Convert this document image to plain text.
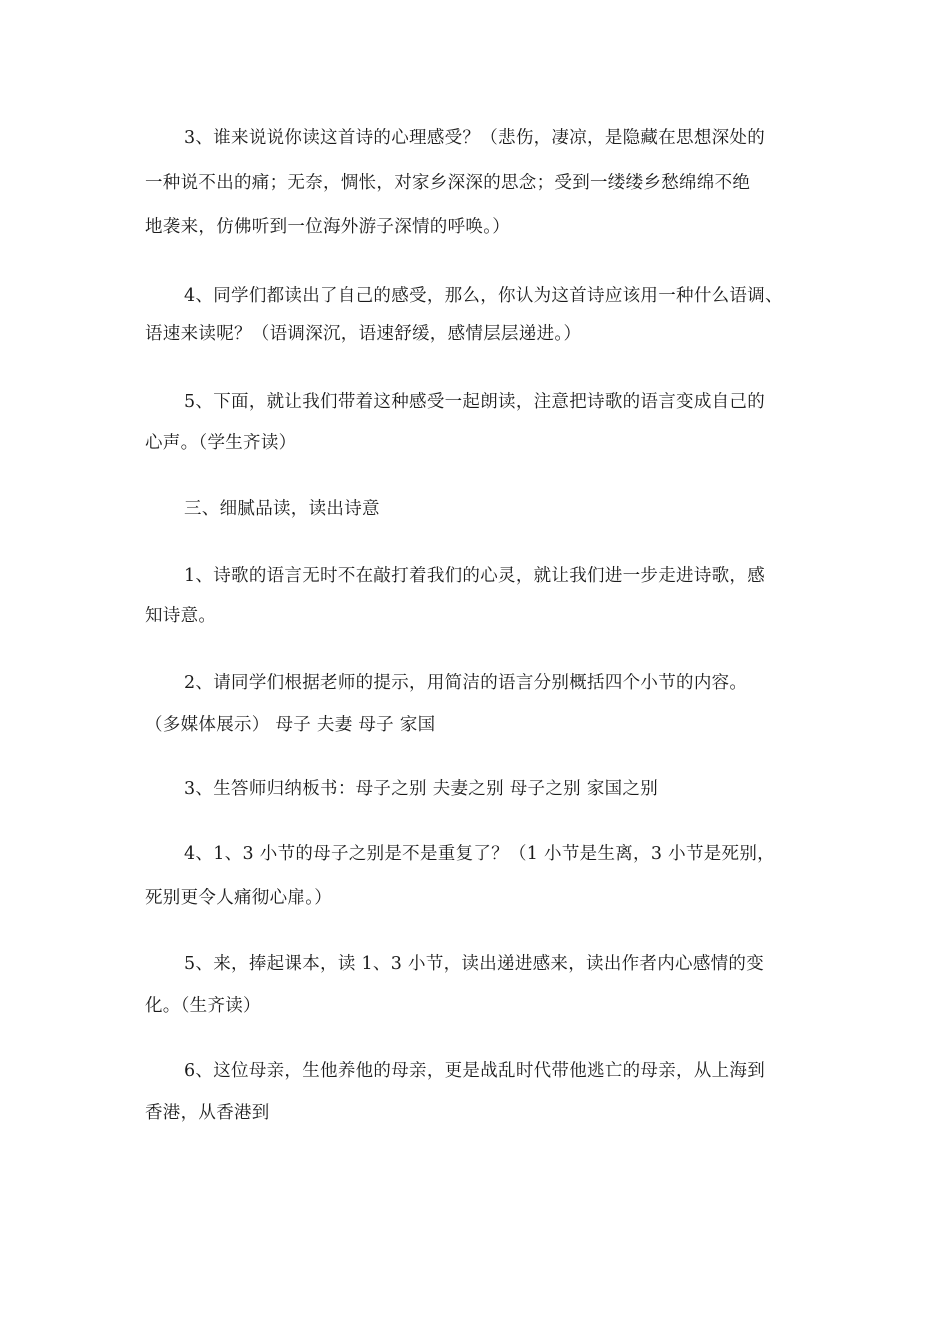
3、谁来说说你读这首诗的心理感受？（悲伤，凄凉，是隐藏在思想深处的
一种说不出的痛；无奈，惆怅，对家乡深深的思念；受到一缕缕乡愁绵绵不绝
地袭来，仿佛听到一位海外游子深情的呼唤。）
4、同学们都读出了自己的感受，那么，你认为这首诗应该用一种什么语调、
语速来读呢？（语调深沉，语速舒缓，感情层层递进。）
5、下面，就让我们带着这种感受一起朗读，注意把诗歌的语言变成自己的
心声。（学生齐读）
三、细腻品读，读出诗意
1、诗歌的语言无时不在敲打着我们的心灵，就让我们进一步走进诗歌，感
知诗意。
2、请同学们根据老师的提示，用简洁的语言分别概括四个小节的内容。
（多媒体展示） 母子 夫妻 母子 家国
3、生答师归纳板书：母子之别 夫妻之别 母子之别 家国之别
4、1、3 小节的母子之别是不是重复了？（1 小节是生离，3 小节是死别，
死别更令人痛彻心扉。）
5、来，捧起课本，读 1、3 小节，读出递进感来，读出作者内心感情的变
化。（生齐读）
6、这位母亲，生他养他的母亲，更是战乱时代带他逃亡的母亲，从上海到
香港，从香港到
